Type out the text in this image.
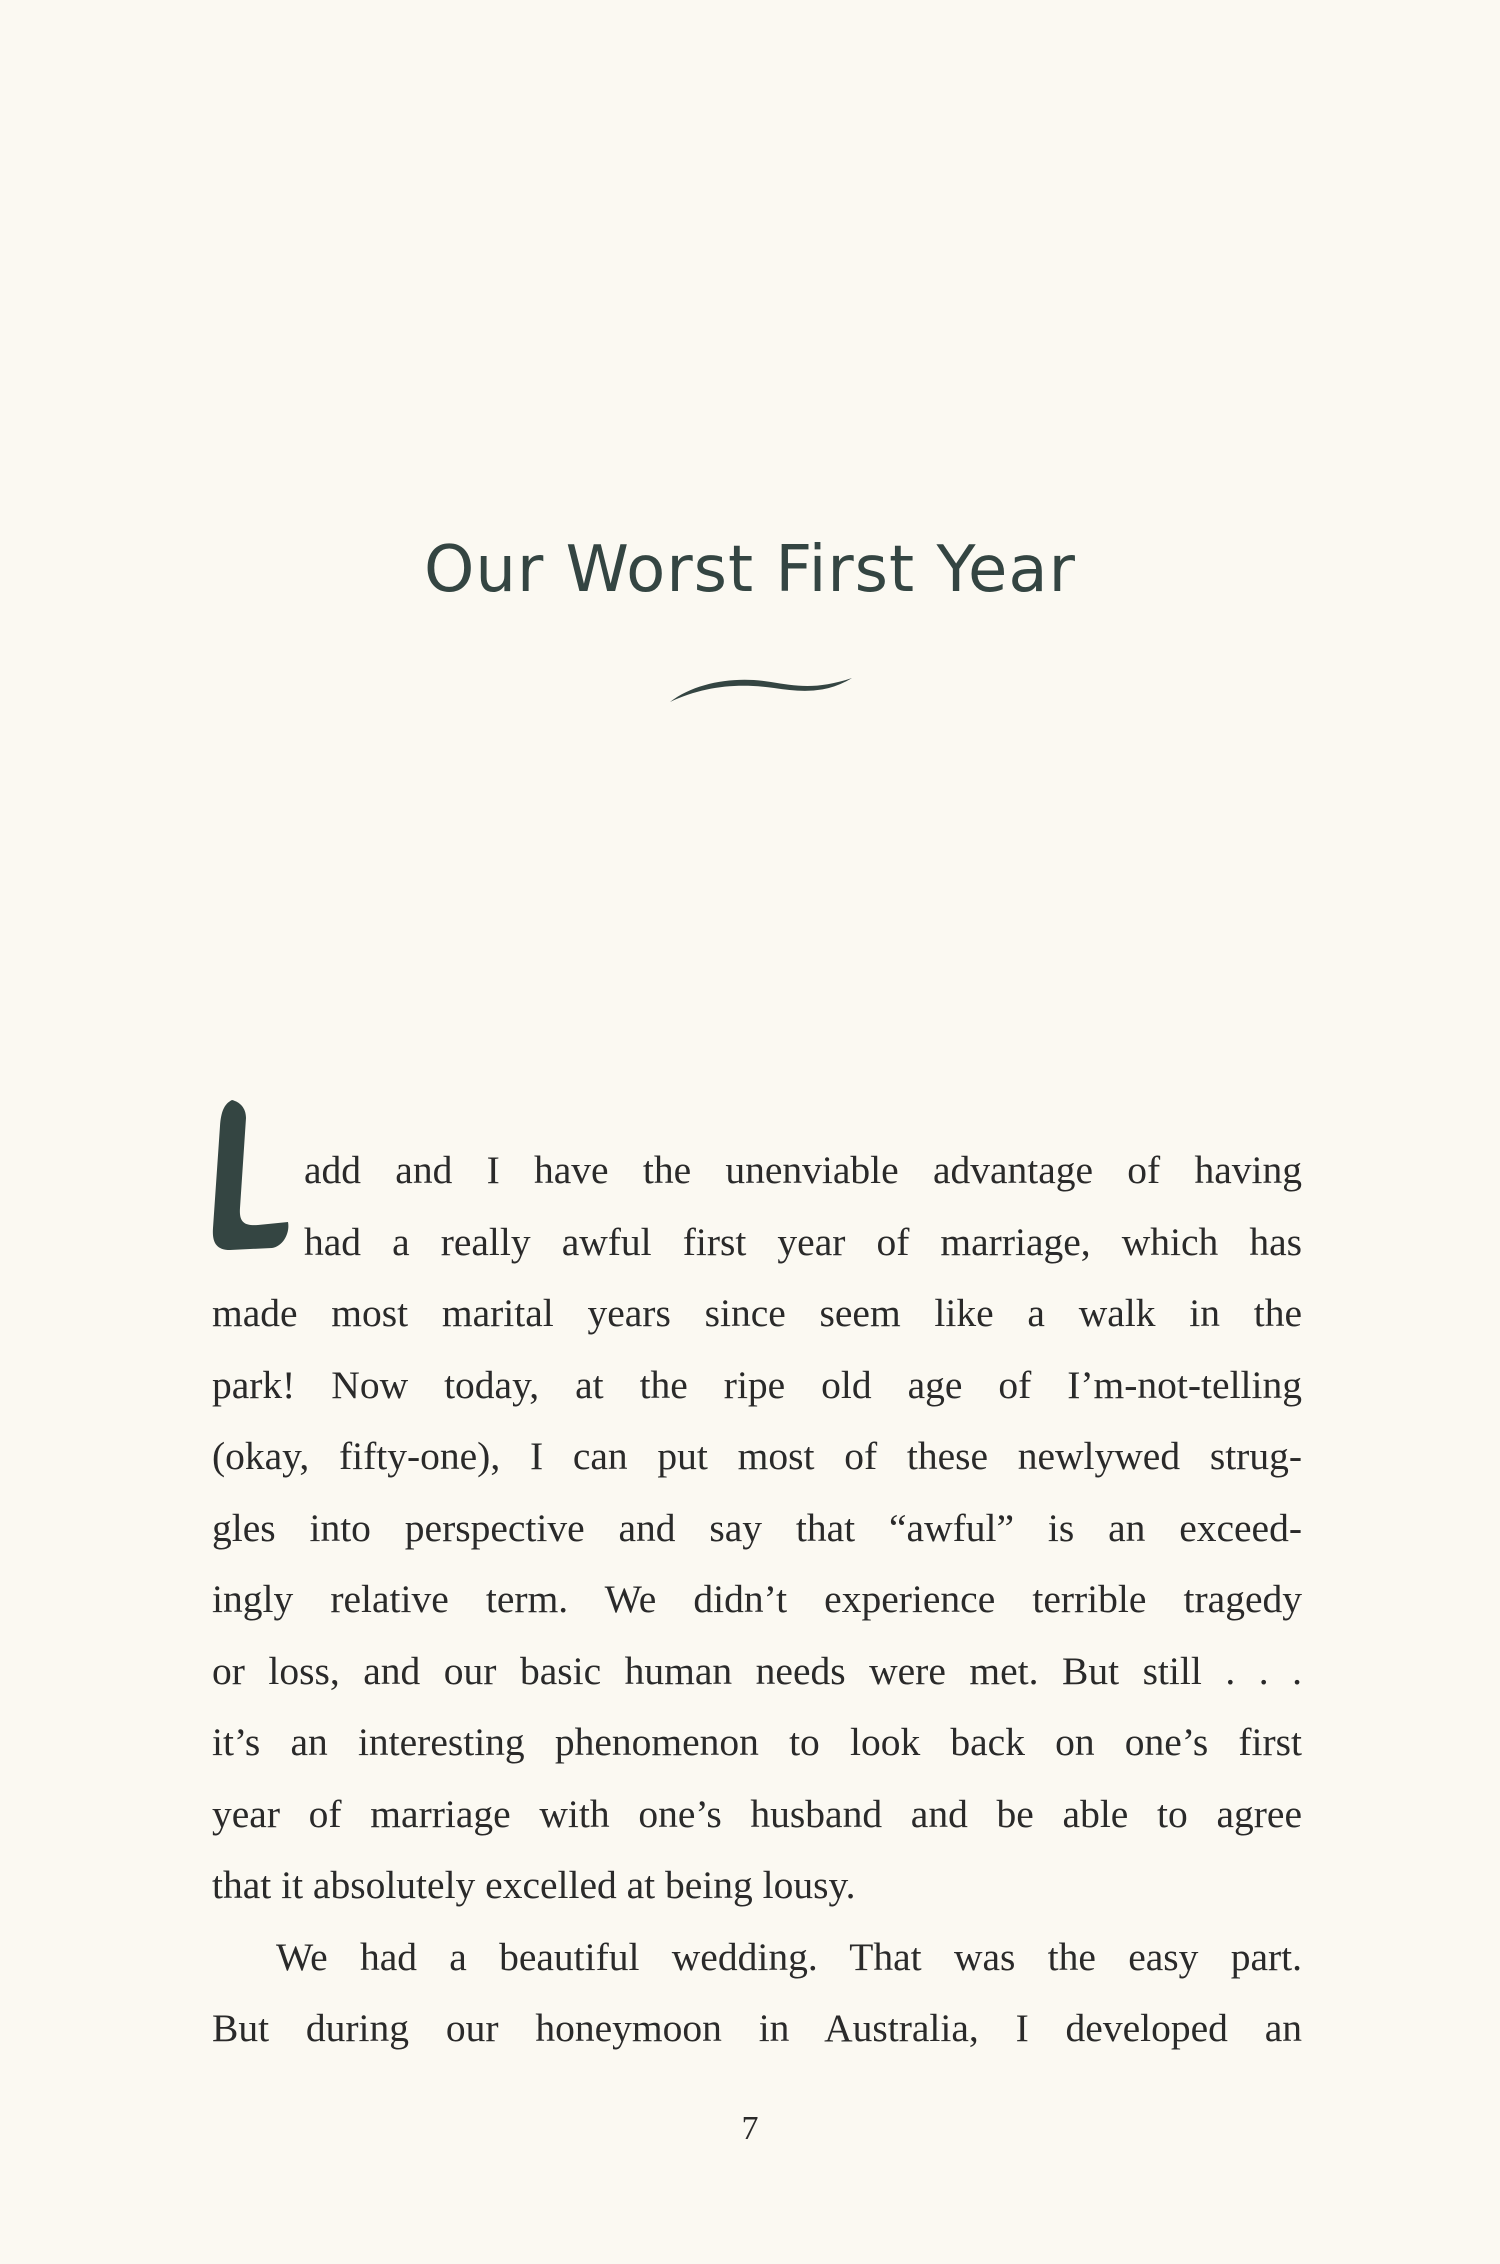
Our Worst First Year
L
add and I have the unenviable advantage of having
had a really awful first year of marriage, which has
made most marital years since seem like a walk in the
park! Now today, at the ripe old age of I’m-not-telling
(okay, fifty-one), I can put most of these newlywed strug-
gles into perspective and say that “awful” is an exceed-
ingly relative term. We didn’t experience terrible tragedy
or loss, and our basic human needs were met. But still . . .
it’s an interesting phenomenon to look back on one’s first
year of marriage with one’s husband and be able to agree
that it absolutely excelled at being lousy.
We had a beautiful wedding. That was the easy part.
But during our honeymoon in Australia, I developed an
7
